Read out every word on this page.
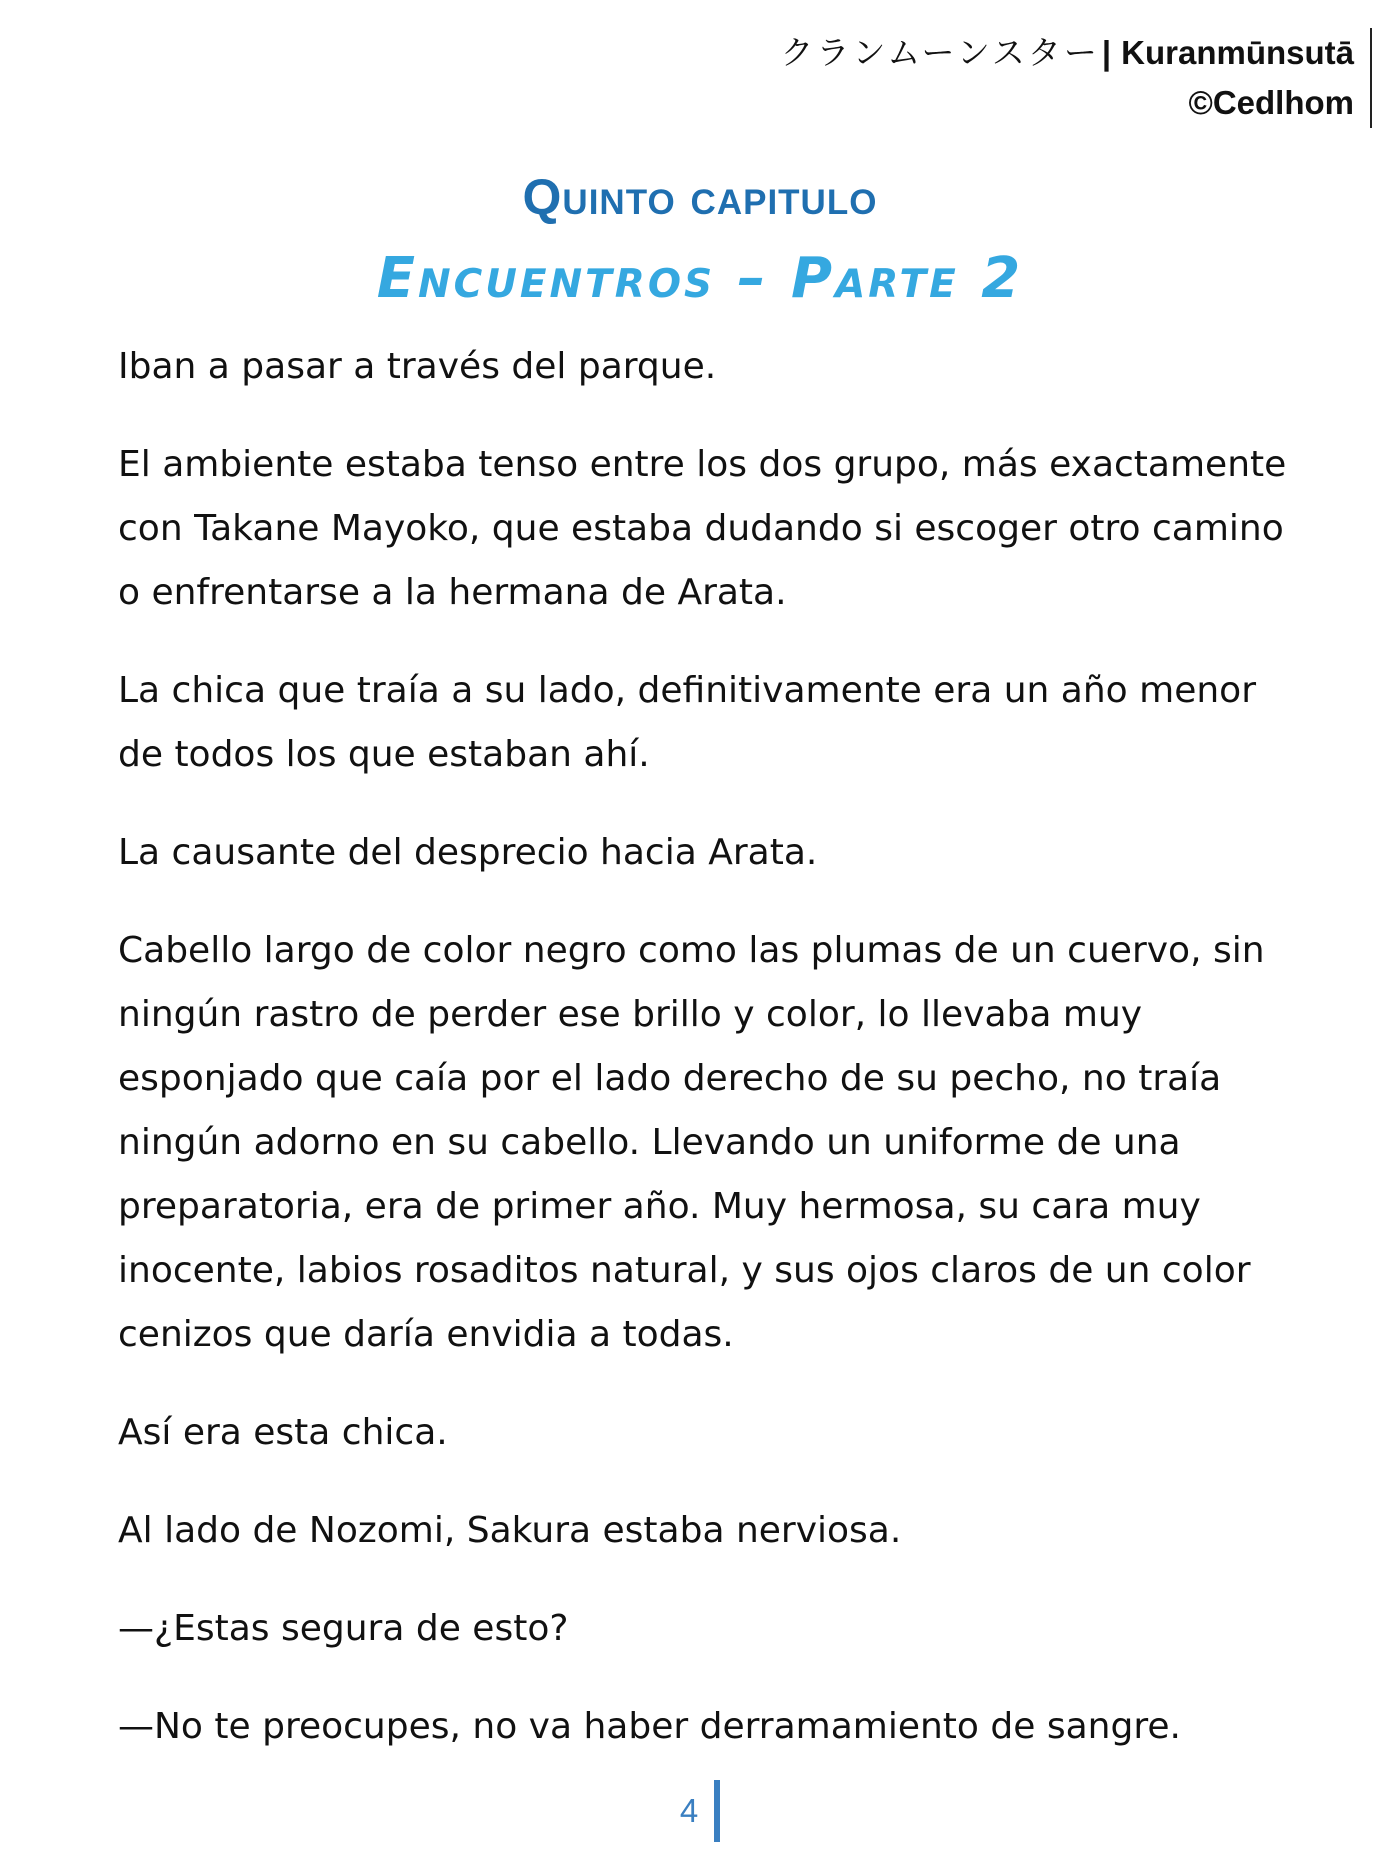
クランムーンスター| Kuranmūnsutā
©Cedlhom
Quinto capitulo
Encuentros – Parte 2

Iban a pasar a través del parque.

El ambiente estaba tenso entre los dos grupo, más exactamente con Takane Mayoko, que estaba dudando si escoger otro camino o enfrentarse a la hermana de Arata.

La chica que traía a su lado, definitivamente era un año menor de todos los que estaban ahí.

La causante del desprecio hacia Arata.

Cabello largo de color negro como las plumas de un cuervo, sin ningún rastro de perder ese brillo y color, lo llevaba muy esponjado que caía por el lado derecho de su pecho, no traía ningún adorno en su cabello. Llevando un uniforme de una preparatoria, era de primer año. Muy hermosa, su cara muy inocente, labios rosaditos natural, y sus ojos claros de un color cenizos que daría envidia a todas.

Así era esta chica.

Al lado de Nozomi, Sakura estaba nerviosa.

—¿Estas segura de esto?

—No te preocupes, no va haber derramamiento de sangre.

4
